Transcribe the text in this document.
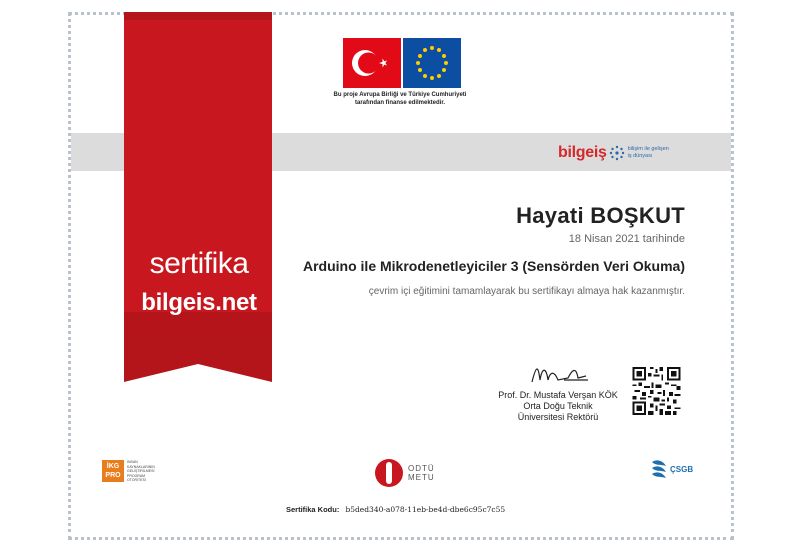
sertifika
bilgeis.net
Bu proje Avrupa Birliği ve Türkiye Cumhuriyeti
tarafından finanse edilmektedir.
bilgeiş	bilişim ile gelişen
iş dünyası
Hayati BOŞKUT
18 Nisan 2021 tarihinde
Arduino ile Mikrodenetleyiciler 3 (Sensörden Veri Okuma)
çevrim içi eğitimini tamamlayarak bu sertifikayı almaya hak kazanmıştır.
Prof. Dr. Mustafa Verşan KÖK
Orta Doğu Teknik
Üniversitesi Rektörü
İKG PRO
İNSAN KAYNAKLARININ
GELİŞTİRİLMESİ
PROGRAM OTORİTESİ
ODTÜ
METU
ÇSGB
Sertifika Kodu: b5ded340-a078-11eb-be4d-dbe6c95c7c55
